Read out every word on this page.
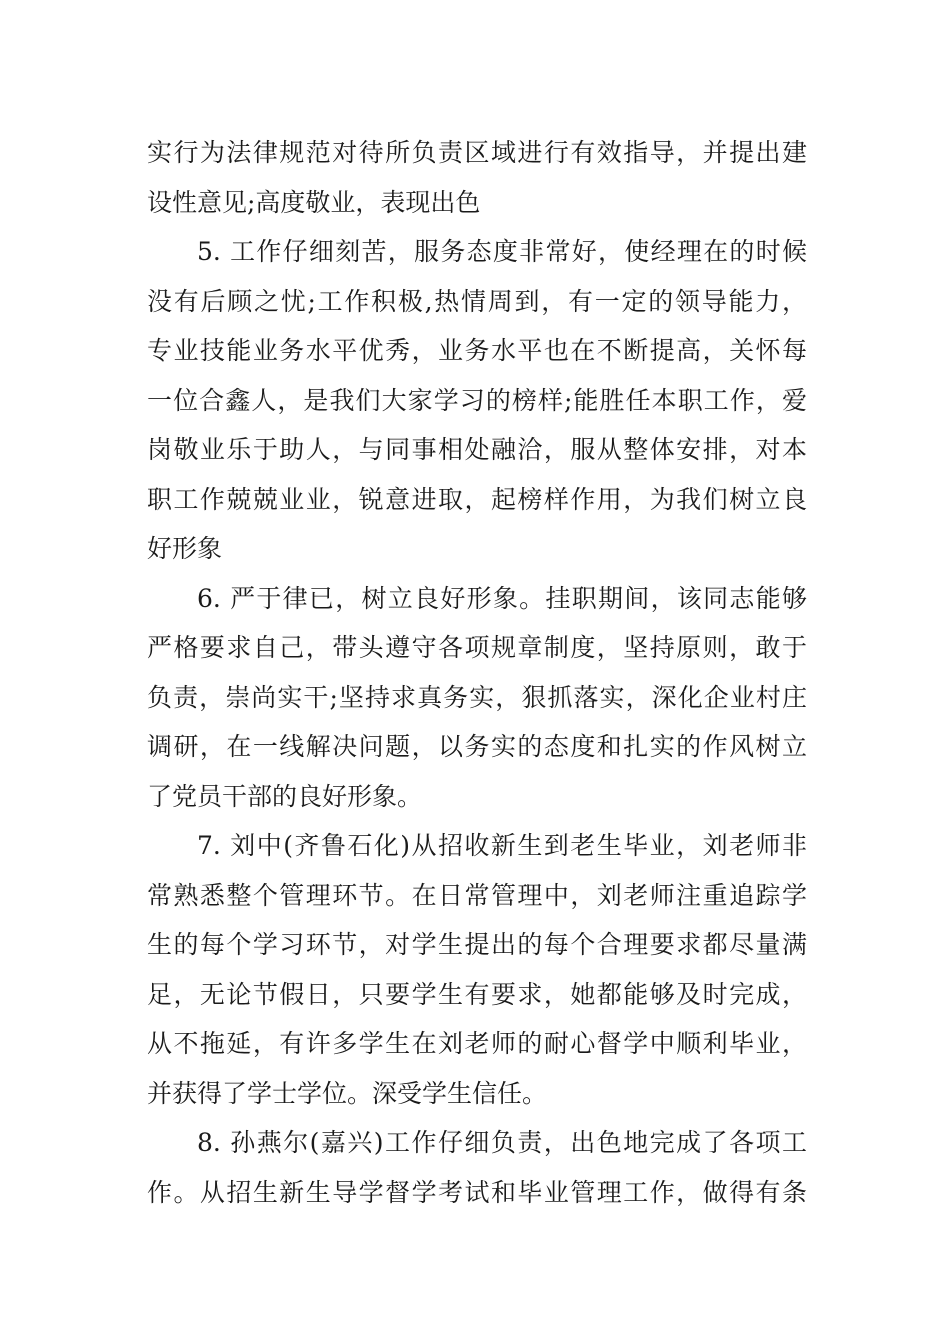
实行为法律规范对待所负责区域进行有效指导，并提出建
设性意见;高度敬业，表现出色
5. 工作仔细刻苦，服务态度非常好，使经理在的时候
没有后顾之忧;工作积极,热情周到，有一定的领导能力，
专业技能业务水平优秀，业务水平也在不断提高，关怀每
一位合鑫人，是我们大家学习的榜样;能胜任本职工作，爱
岗敬业乐于助人，与同事相处融洽，服从整体安排，对本
职工作兢兢业业，锐意进取，起榜样作用，为我们树立良
好形象
6. 严于律已，树立良好形象。挂职期间，该同志能够
严格要求自己，带头遵守各项规章制度，坚持原则，敢于
负责，崇尚实干;坚持求真务实，狠抓落实，深化企业村庄
调研，在一线解决问题，以务实的态度和扎实的作风树立
了党员干部的良好形象。
7. 刘中(齐鲁石化)从招收新生到老生毕业，刘老师非
常熟悉整个管理环节。在日常管理中，刘老师注重追踪学
生的每个学习环节，对学生提出的每个合理要求都尽量满
足，无论节假日，只要学生有要求，她都能够及时完成，
从不拖延，有许多学生在刘老师的耐心督学中顺利毕业，
并获得了学士学位。深受学生信任。
8. 孙燕尔(嘉兴)工作仔细负责，出色地完成了各项工
作。从招生新生导学督学考试和毕业管理工作，做得有条
